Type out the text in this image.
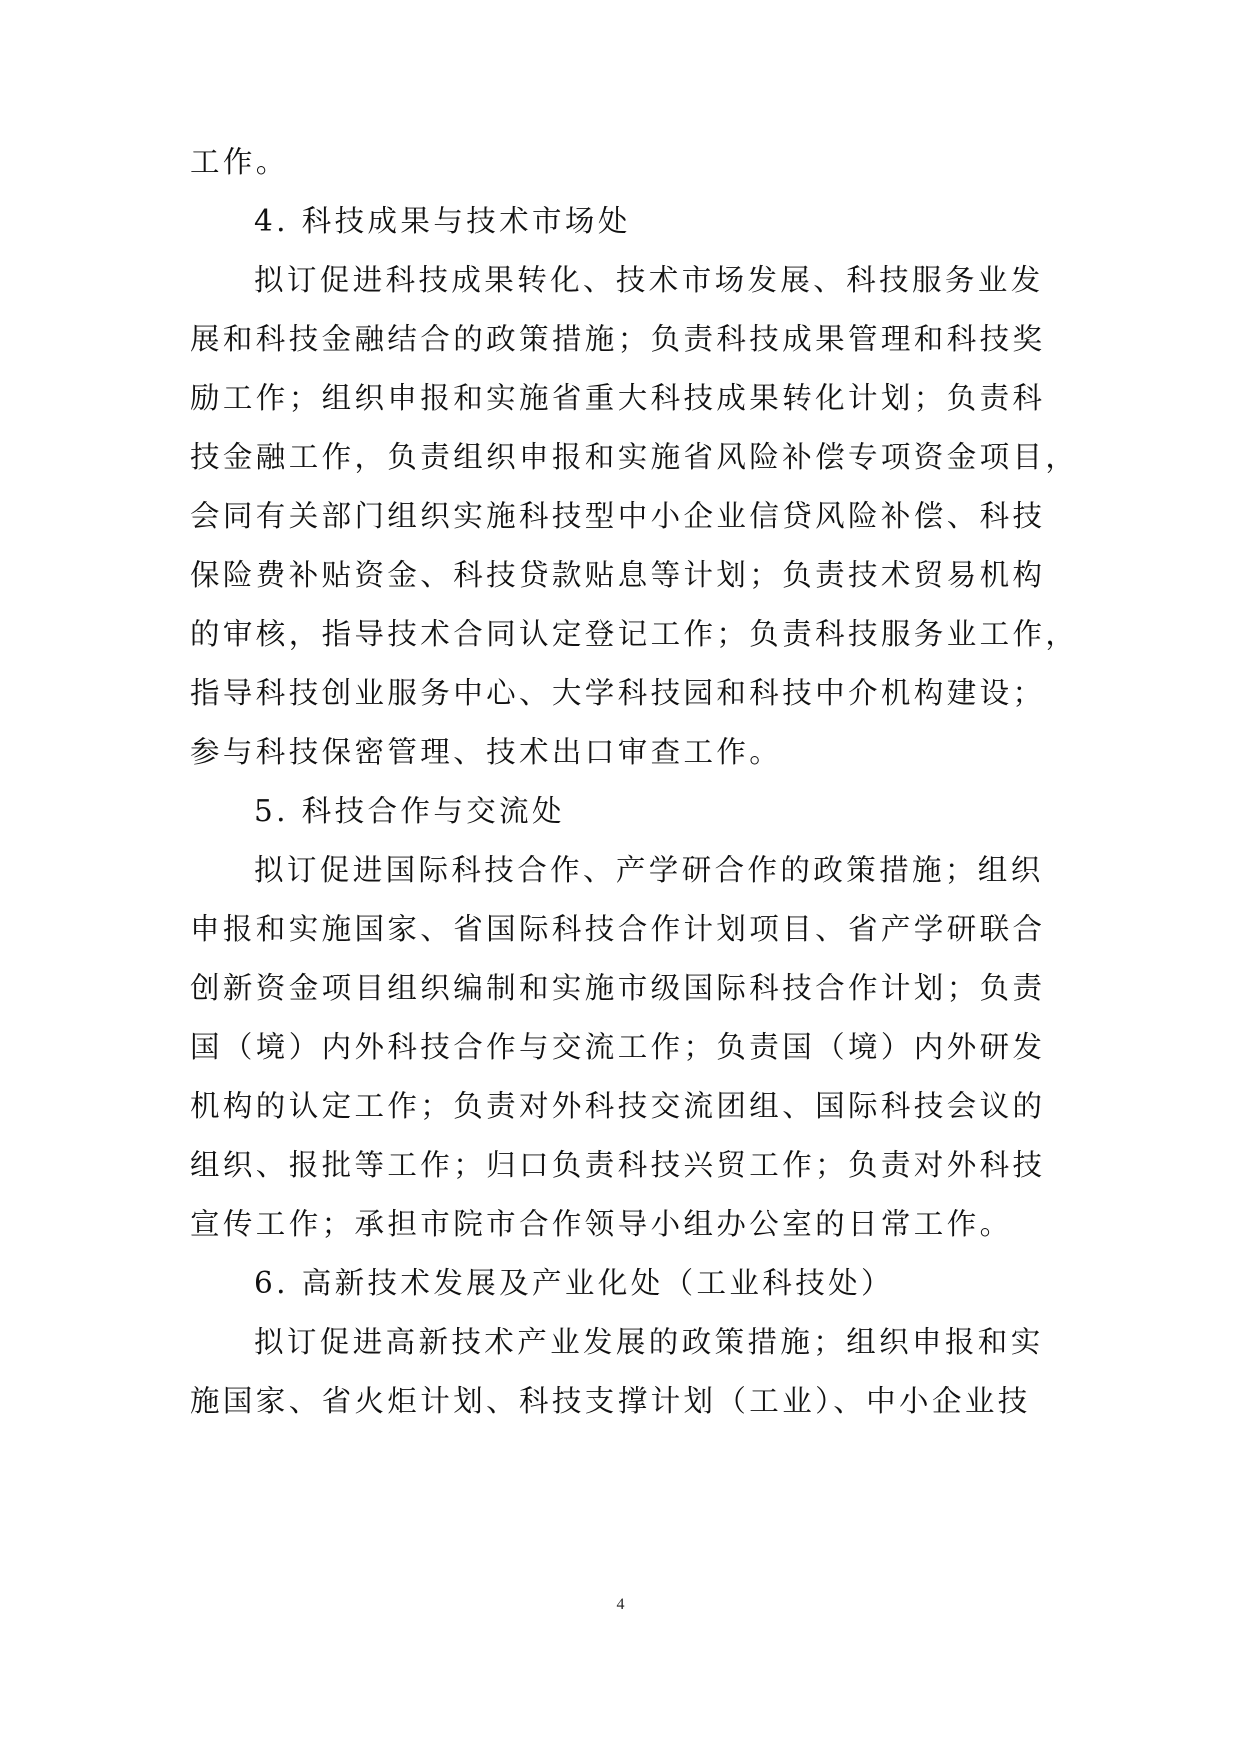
工作。
4. 科技成果与技术市场处
拟订促进科技成果转化、技术市场发展、科技服务业发
展和科技金融结合的政策措施；负责科技成果管理和科技奖
励工作；组织申报和实施省重大科技成果转化计划；负责科
技金融工作，负责组织申报和实施省风险补偿专项资金项目，
会同有关部门组织实施科技型中小企业信贷风险补偿、科技
保险费补贴资金、科技贷款贴息等计划；负责技术贸易机构
的审核，指导技术合同认定登记工作；负责科技服务业工作，
指导科技创业服务中心、大学科技园和科技中介机构建设；
参与科技保密管理、技术出口审查工作。
5. 科技合作与交流处
拟订促进国际科技合作、产学研合作的政策措施；组织
申报和实施国家、省国际科技合作计划项目、省产学研联合
创新资金项目组织编制和实施市级国际科技合作计划；负责
国（境）内外科技合作与交流工作；负责国（境）内外研发
机构的认定工作；负责对外科技交流团组、国际科技会议的
组织、报批等工作；归口负责科技兴贸工作；负责对外科技
宣传工作；承担市院市合作领导小组办公室的日常工作。
6. 高新技术发展及产业化处（工业科技处）
拟订促进高新技术产业发展的政策措施；组织申报和实
施国家、省火炬计划、科技支撑计划（工业）、中小企业技
4
